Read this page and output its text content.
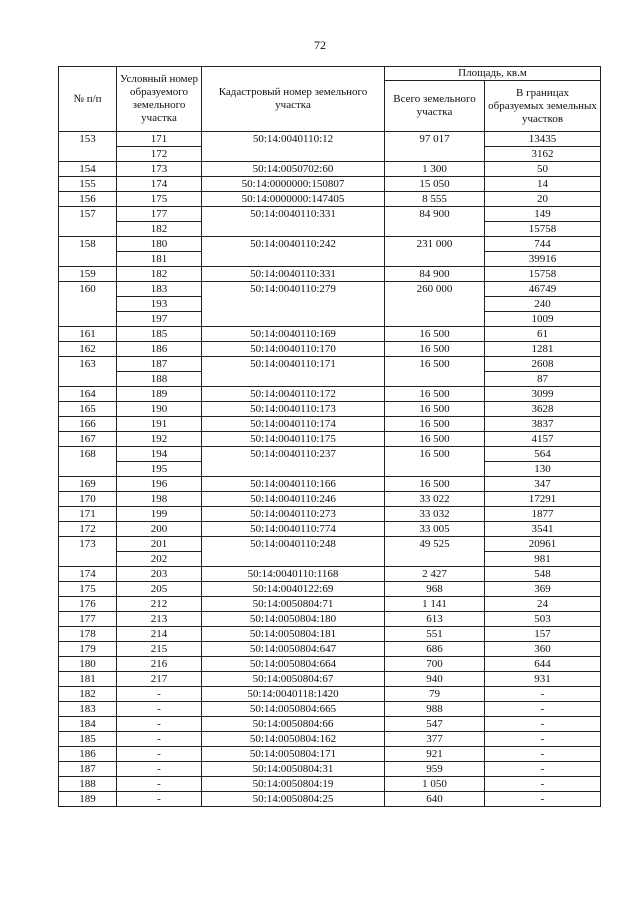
72
№ п/п	Условный номер образуемого земельного участка	Кадастровый номер земельного участка	Площадь, кв.м	
			Всего земельного участка	В границах образуемых земельных участков
153	171	50:14:0040110:12	97 017	13435
	172			3162
154	173	50:14:0050702:60	1 300	50
155	174	50:14:0000000:150807	15 050	14
156	175	50:14:0000000:147405	8 555	20
157	177	50:14:0040110:331	84 900	149
	182			15758
158	180	50:14:0040110:242	231 000	744
	181			39916
159	182	50:14:0040110:331	84 900	15758
160	183	50:14:0040110:279	260 000	46749
	193			240
	197			1009
161	185	50:14:0040110:169	16 500	61
162	186	50:14:0040110:170	16 500	1281
163	187	50:14:0040110:171	16 500	2608
	188			87
164	189	50:14:0040110:172	16 500	3099
165	190	50:14:0040110:173	16 500	3628
166	191	50:14:0040110:174	16 500	3837
167	192	50:14:0040110:175	16 500	4157
168	194	50:14:0040110:237	16 500	564
	195			130
169	196	50:14:0040110:166	16 500	347
170	198	50:14:0040110:246	33 022	17291
171	199	50:14:0040110:273	33 032	1877
172	200	50:14:0040110:774	33 005	3541
173	201	50:14:0040110:248	49 525	20961
	202			981
174	203	50:14:0040110:1168	2 427	548
175	205	50:14:0040122:69	968	369
176	212	50:14:0050804:71	1 141	24
177	213	50:14:0050804:180	613	503
178	214	50:14:0050804:181	551	157
179	215	50:14:0050804:647	686	360
180	216	50:14:0050804:664	700	644
181	217	50:14:0050804:67	940	931
182	-	50:14:0040118:1420	79	-
183	-	50:14:0050804:665	988	-
184	-	50:14:0050804:66	547	-
185	-	50:14:0050804:162	377	-
186	-	50:14:0050804:171	921	-
187	-	50:14:0050804:31	959	-
188	-	50:14:0050804:19	1 050	-
189	-	50:14:0050804:25	640	-
